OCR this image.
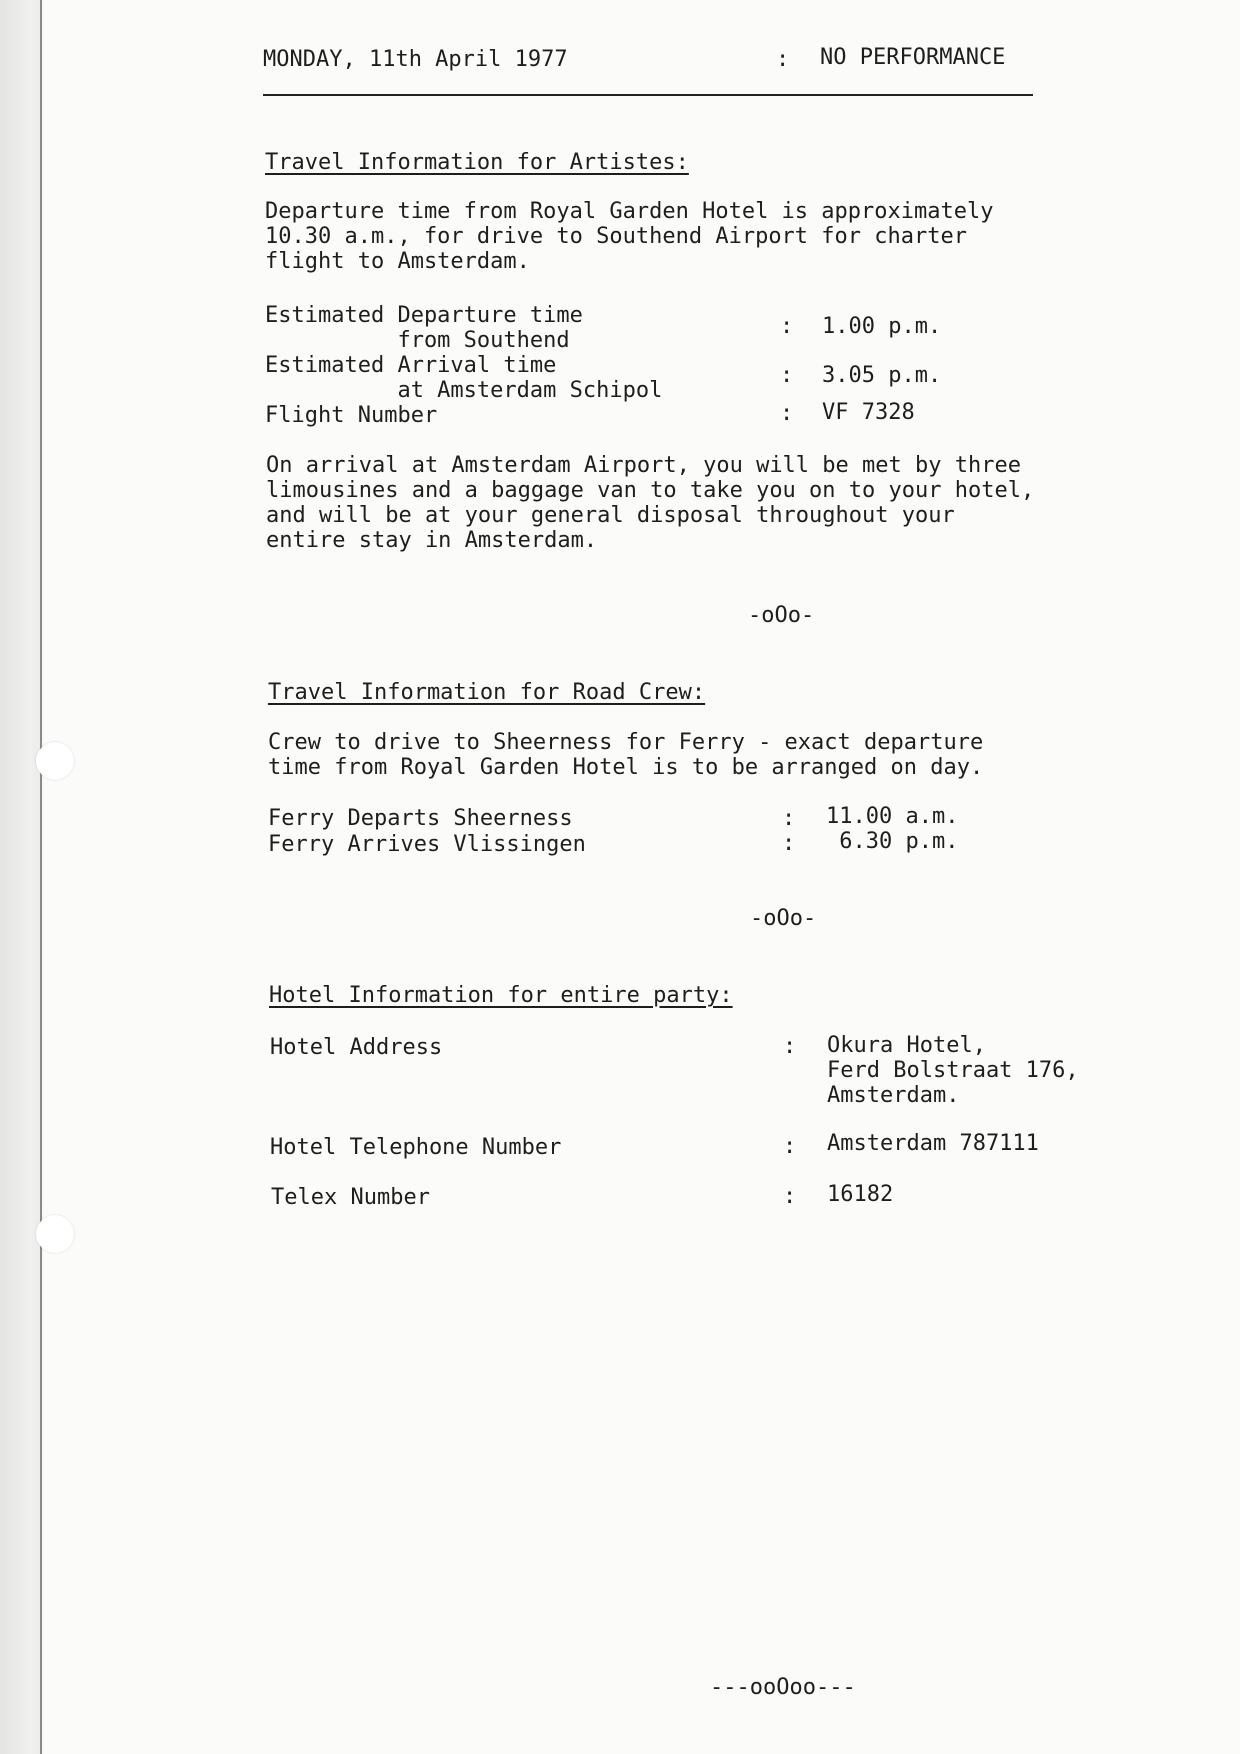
MONDAY, 11th April 1977	: NO PERFORMANCE
Travel Information for Artistes:
Departure time from Royal Garden Hotel is approximately
10.30 a.m., for drive to Southend Airport for charter
flight to Amsterdam.
Estimated Departure time
from Southend
: 1.00 p.m.
Estimated Arrival time
at Amsterdam Schipol
: 3.05 p.m.
Flight Number	: VF 7328
On arrival at Amsterdam Airport, you will be met by three
limousines and a baggage van to take you on to your hotel,
and will be at your general disposal throughout your
entire stay in Amsterdam.
-oOo-
Travel Information for Road Crew:
Crew to drive to Sheerness for Ferry - exact departure
time from Royal Garden Hotel is to be arranged on day.
Ferry Departs Sheerness	: 11.00 a.m.
Ferry Arrives Vlissingen	: 6.30 p.m.
-oOo-
Hotel Information for entire party:
Hotel Address	: Okura Hotel,
Ferd Bolstraat 176,
Amsterdam.
Hotel Telephone Number	: Amsterdam 787111
Telex Number	: 16182
---ooOoo---
